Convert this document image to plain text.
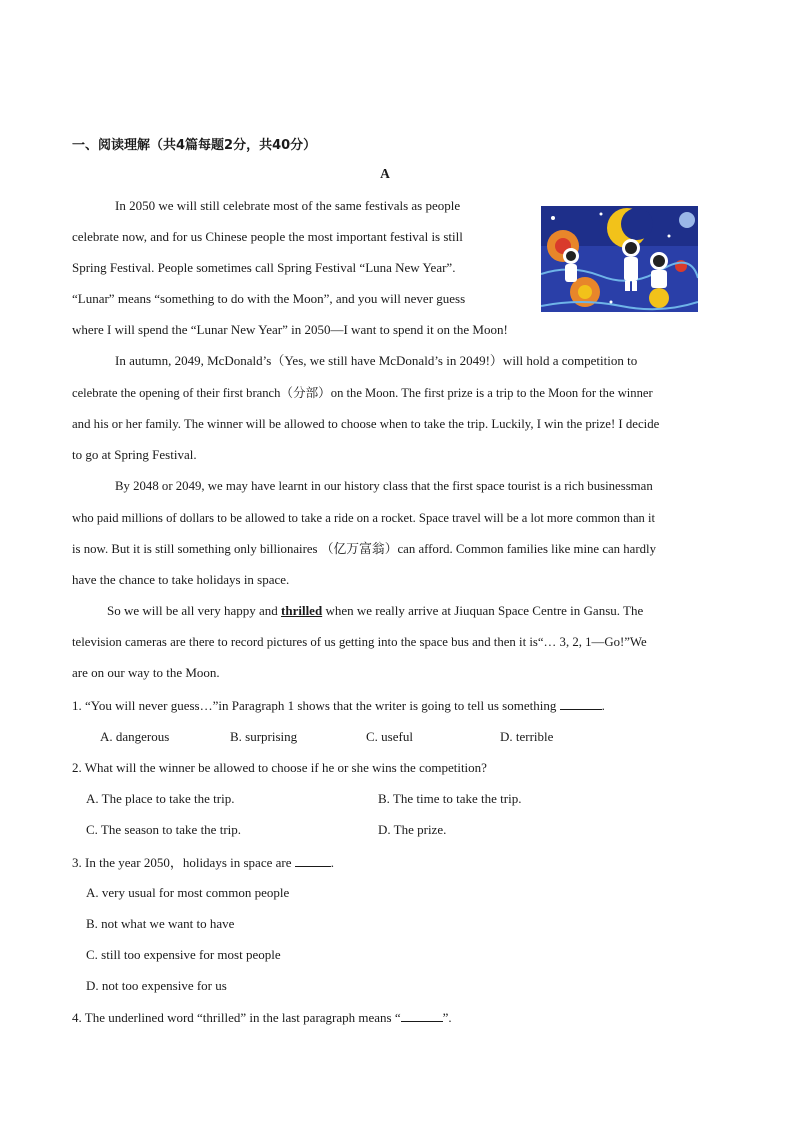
一、阅读理解（共4篇每题2分，共40分）
A
In 2050 we will still celebrate most of the same festivals as people
celebrate now, and for us Chinese people the most important festival is still
Spring Festival. People sometimes call Spring Festival “Luna New Year”.
“Lunar” means “something to do with the Moon”, and you will never guess
where I will spend the “Lunar New Year” in 2050—I want to spend it on the Moon!
In autumn, 2049, McDonald’s（Yes, we still have McDonald’s in 2049!）will hold a competition to
celebrate the opening of their first branch（分部）on the Moon. The first prize is a trip to the Moon for the winner
and his or her family. The winner will be allowed to choose when to take the trip. Luckily, I win the prize! I decide
to go at Spring Festival.
By 2048 or 2049, we may have learnt in our history class that the first space tourist is a rich businessman
who paid millions of dollars to be allowed to take a ride on a rocket. Space travel will be a lot more common than it
is now. But it is still something only billionaires （亿万富翁）can afford. Common families like mine can hardly
have the chance to take holidays in space.
So we will be all very happy and thrilled when we really arrive at Jiuquan Space Centre in Gansu. The
television cameras are there to record pictures of us getting into the space bus and then it is“… 3, 2, 1—Go!”We
are on our way to the Moon.
1. “You will never guess…”in Paragraph 1 shows that the writer is going to tell us something	.
A. dangerous	B. surprising	C. useful	D. terrible
2. What will the winner be allowed to choose if he or she wins the competition?
A. The place to take the trip.	B. The time to take the trip.
C. The season to take the trip.	D. The prize.
3. In the year 2050，holidays in space are	.
A. very usual for most common people
B. not what we want to have
C. still too expensive for most people
D. not too expensive for us
4. The underlined word “thrilled” in the last paragraph means “	”.
